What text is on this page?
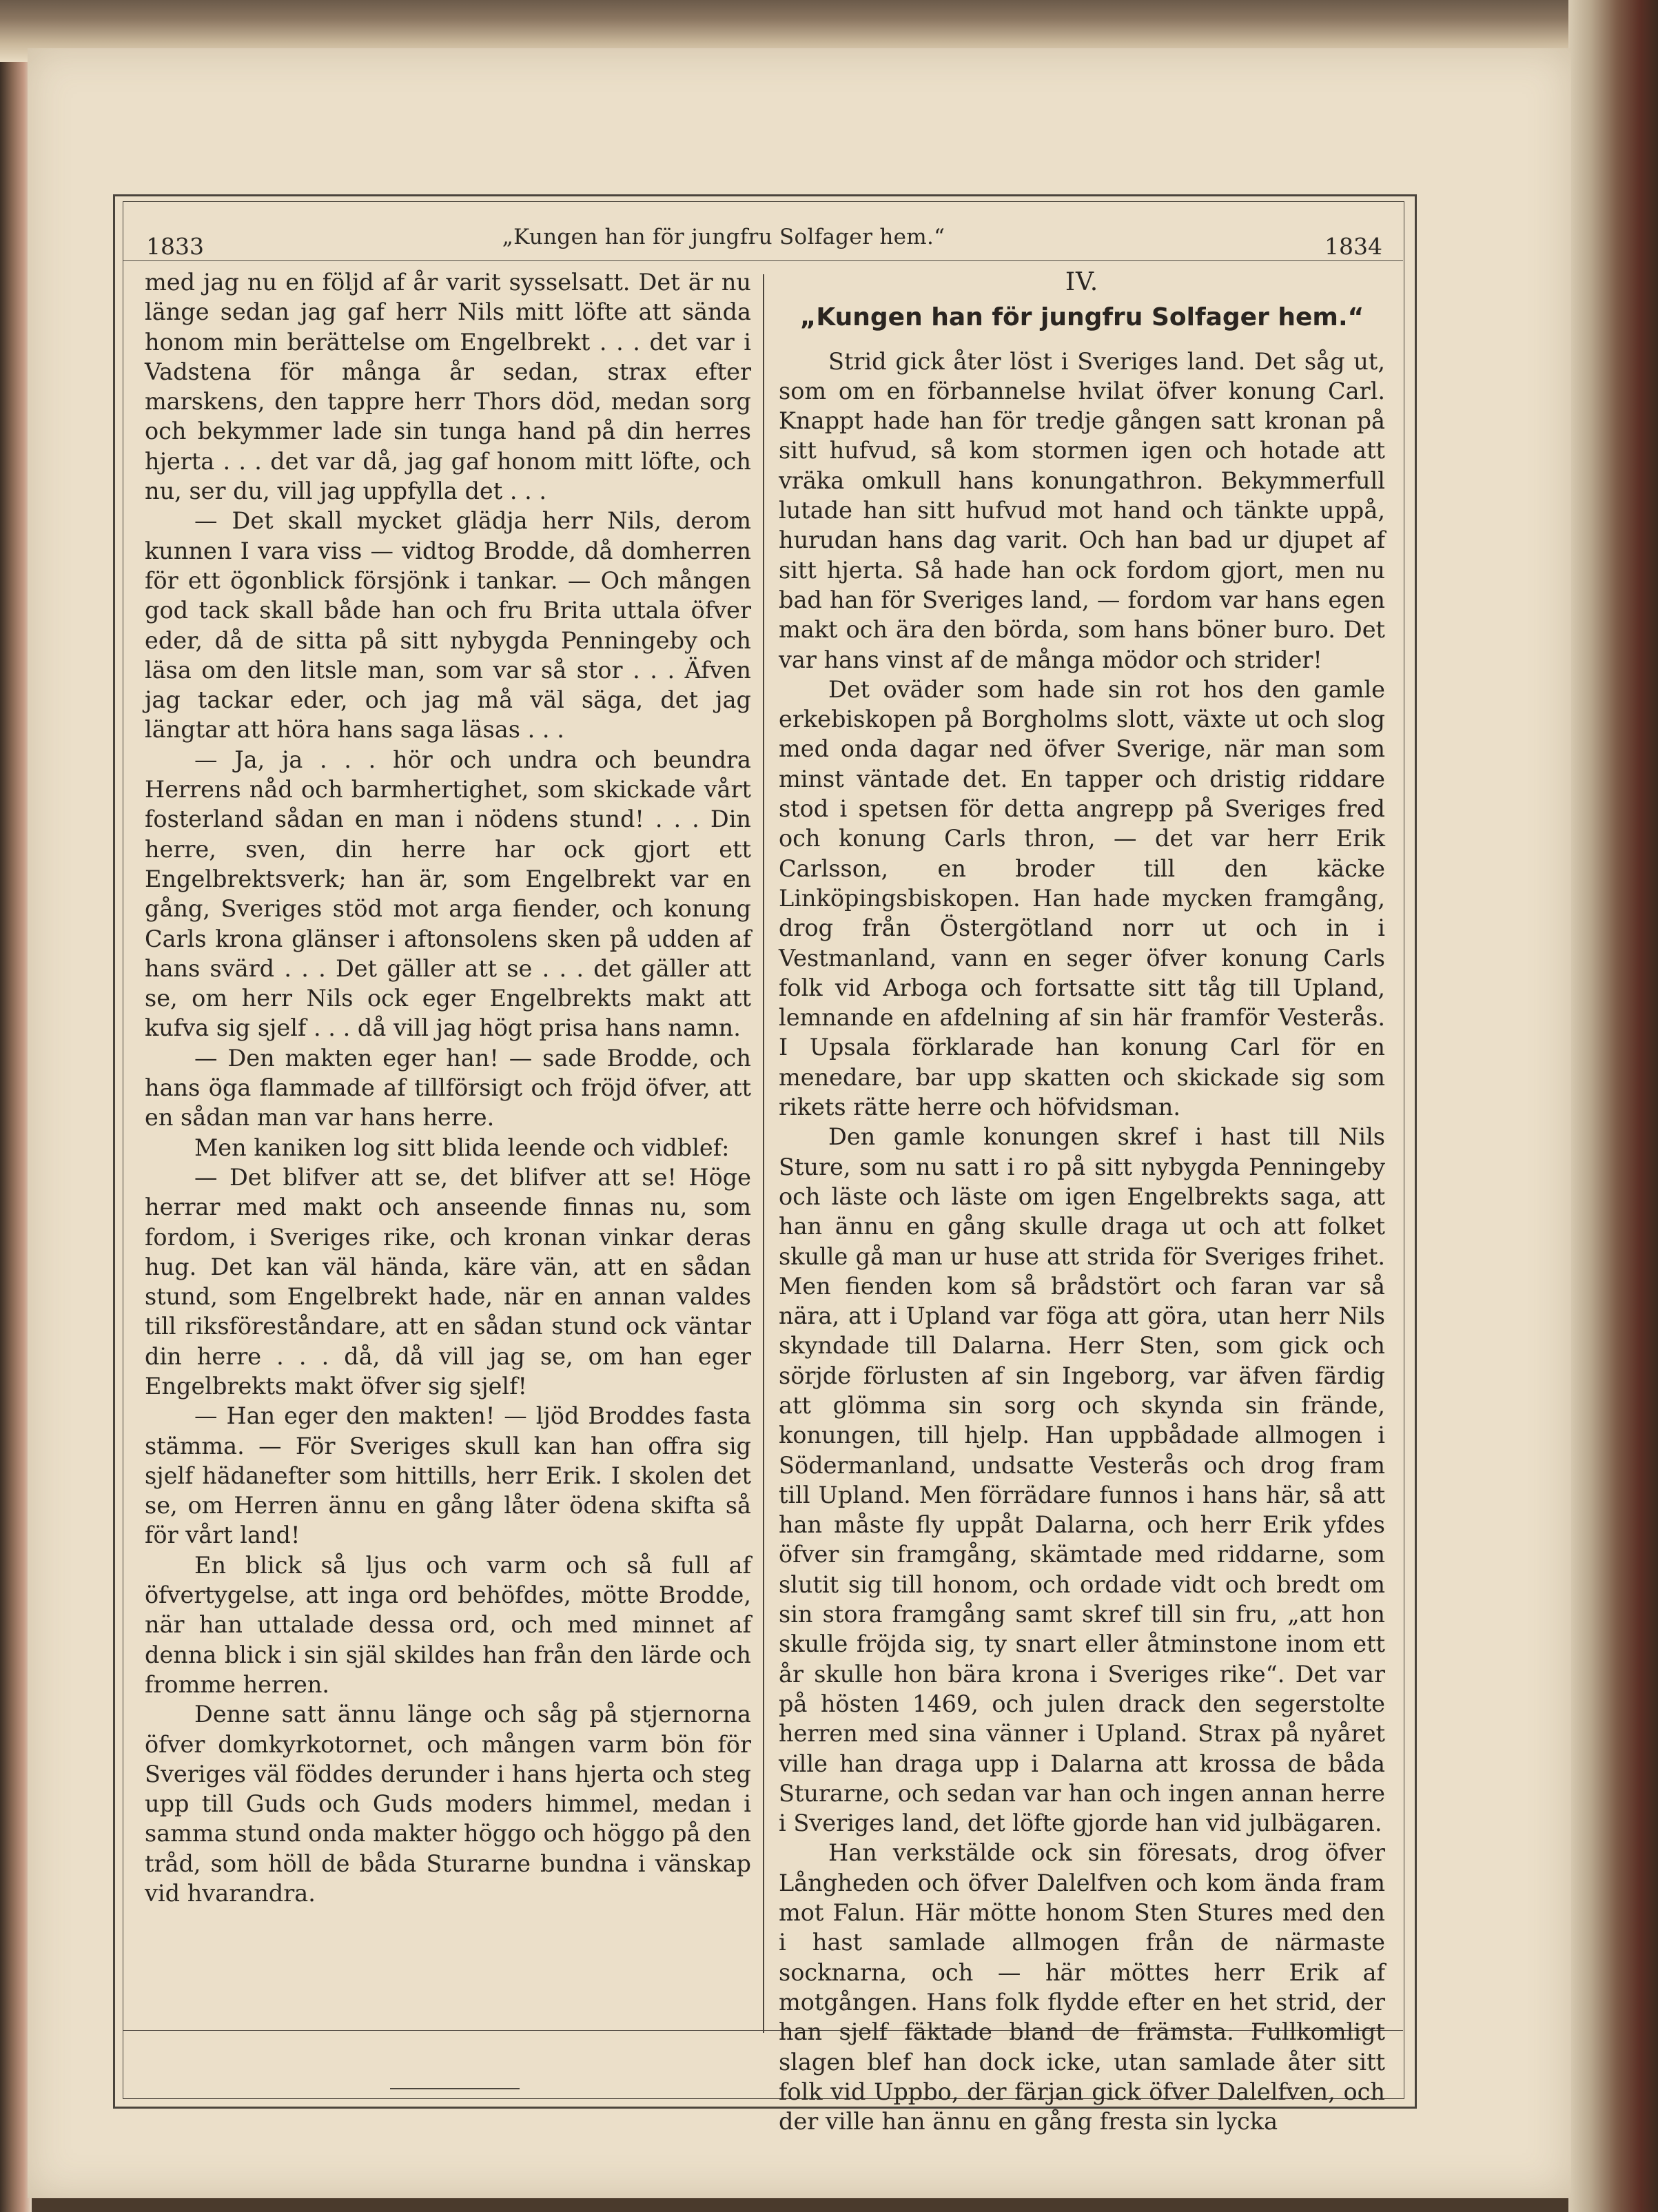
1833	„Kungen han för jungfru Solfager hem.“	1834

med jag nu en följd af år varit sysselsatt. Det är nu länge sedan jag gaf herr Nils mitt löfte att sända honom min berättelse om Engelbrekt . . . det var i Vadstena för många år sedan, strax efter marskens, den tappre herr Thors död, medan sorg och bekymmer lade sin tunga hand på din herres hjerta . . . det var då, jag gaf honom mitt löfte, och nu, ser du, vill jag uppfylla det . . .

— Det skall mycket glädja herr Nils, derom kunnen I vara viss — vidtog Brodde, då domherren för ett ögonblick försjönk i tankar. — Och mången god tack skall både han och fru Brita uttala öfver eder, då de sitta på sitt nybygda Penningeby och läsa om den litsle man, som var så stor . . . Äfven jag tackar eder, och jag må väl säga, det jag längtar att höra hans saga läsas . . .

— Ja, ja . . . hör och undra och beundra Herrens nåd och barmhertighet, som skickade vårt fosterland sådan en man i nödens stund! . . . Din herre, sven, din herre har ock gjort ett Engelbrektsverk; han är, som Engelbrekt var en gång, Sveriges stöd mot arga fiender, och konung Carls krona glänser i aftonsolens sken på udden af hans svärd . . . Det gäller att se . . . det gäller att se, om herr Nils ock eger Engelbrekts makt att kufva sig sjelf . . . då vill jag högt prisa hans namn.

— Den makten eger han! — sade Brodde, och hans öga flammade af tillförsigt och fröjd öfver, att en sådan man var hans herre.

Men kaniken log sitt blida leende och vidblef:

— Det blifver att se, det blifver att se! Höge herrar med makt och anseende finnas nu, som fordom, i Sveriges rike, och kronan vinkar deras hug. Det kan väl hända, käre vän, att en sådan stund, som Engelbrekt hade, när en annan valdes till riksföreståndare, att en sådan stund ock väntar din herre . . . då, då vill jag se, om han eger Engelbrekts makt öfver sig sjelf!

— Han eger den makten! — ljöd Broddes fasta stämma. — För Sveriges skull kan han offra sig sjelf hädanefter som hittills, herr Erik. I skolen det se, om Herren ännu en gång låter ödena skifta så för vårt land!

En blick så ljus och varm och så full af öfvertygelse, att inga ord behöfdes, mötte Brodde, när han uttalade dessa ord, och med minnet af denna blick i sin själ skildes han från den lärde och fromme herren.

Denne satt ännu länge och såg på stjernorna öfver domkyrkotornet, och mången varm bön för Sveriges väl föddes derunder i hans hjerta och steg upp till Guds och Guds moders himmel, medan i samma stund onda makter höggo och höggo på den tråd, som höll de båda Sturarne bundna i vänskap vid hvarandra.

IV.
„Kungen han för jungfru Solfager hem.“

Strid gick åter löst i Sveriges land. Det såg ut, som om en förbannelse hvilat öfver konung Carl. Knappt hade han för tredje gången satt kronan på sitt hufvud, så kom stormen igen och hotade att vräka omkull hans konungathron. Bekymmerfull lutade han sitt hufvud mot hand och tänkte uppå, hurudan hans dag varit. Och han bad ur djupet af sitt hjerta. Så hade han ock fordom gjort, men nu bad han för Sveriges land, — fordom var hans egen makt och ära den börda, som hans böner buro. Det var hans vinst af de många mödor och strider!

Det oväder som hade sin rot hos den gamle erkebiskopen på Borgholms slott, växte ut och slog med onda dagar ned öfver Sverige, när man som minst väntade det. En tapper och dristig riddare stod i spetsen för detta angrepp på Sveriges fred och konung Carls thron, — det var herr Erik Carlsson, en broder till den käcke Linköpingsbiskopen. Han hade mycken framgång, drog från Östergötland norr ut och in i Vestmanland, vann en seger öfver konung Carls folk vid Arboga och fortsatte sitt tåg till Upland, lemnande en afdelning af sin här framför Vesterås. I Upsala förklarade han konung Carl för en menedare, bar upp skatten och skickade sig som rikets rätte herre och höfvidsman.

Den gamle konungen skref i hast till Nils Sture, som nu satt i ro på sitt nybygda Penningeby och läste och läste om igen Engelbrekts saga, att han ännu en gång skulle draga ut och att folket skulle gå man ur huse att strida för Sveriges frihet. Men fienden kom så brådstört och faran var så nära, att i Upland var föga att göra, utan herr Nils skyndade till Dalarna. Herr Sten, som gick och sörjde förlusten af sin Ingeborg, var äfven färdig att glömma sin sorg och skynda sin frände, konungen, till hjelp. Han uppbådade allmogen i Södermanland, undsatte Vesterås och drog fram till Upland. Men förrädare funnos i hans här, så att han måste fly uppåt Dalarna, och herr Erik yfdes öfver sin framgång, skämtade med riddarne, som slutit sig till honom, och ordade vidt och bredt om sin stora framgång samt skref till sin fru, „att hon skulle fröjda sig, ty snart eller åtminstone inom ett år skulle hon bära krona i Sveriges rike“. Det var på hösten 1469, och julen drack den segerstolte herren med sina vänner i Upland. Strax på nyåret ville han draga upp i Dalarna att krossa de båda Sturarne, och sedan var han och ingen annan herre i Sveriges land, det löfte gjorde han vid julbägaren.

Han verkstälde ock sin föresats, drog öfver Långheden och öfver Dalelfven och kom ända fram mot Falun. Här mötte honom Sten Stures med den i hast samlade allmogen från de närmaste socknarna, och — här möttes herr Erik af motgången. Hans folk flydde efter en het strid, der han sjelf fäktade bland de främsta. Fullkomligt slagen blef han dock icke, utan samlade åter sitt folk vid Uppbo, der färjan gick öfver Dalelfven, och der ville han ännu en gång fresta sin lycka
